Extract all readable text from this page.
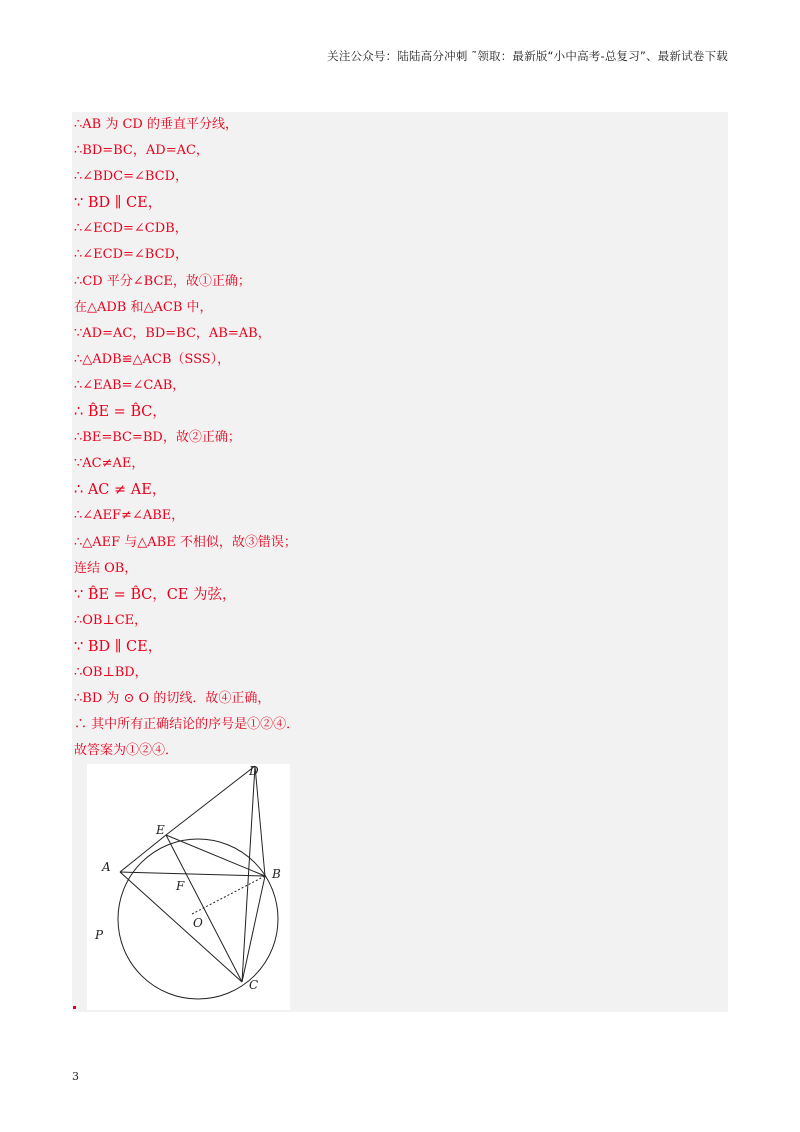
关注公众号：陆陆高分冲刺 ˜领取：最新版“小中高考-总复习”、最新试卷下载
∴AB 为 CD 的垂直平分线，
∴BD=BC，AD=AC，
∴∠BDC=∠BCD，
∵ BD ∥ CE，
∴∠ECD=∠CDB，
∴∠ECD=∠BCD，
∴CD 平分∠BCE，故①正确；
在△ADB 和△ACB 中，
∵AD=AC，BD=BC，AB=AB，
∴△ADB≌△ACB（SSS），
∴∠EAB=∠CAB，
∴ B̂E = B̂C，
∴BE=BC=BD，故②正确；
∵AC≠AE，
∴ AC ≠ AE，
∴∠AEF≠∠ABE，
∴△AEF 与△ABE 不相似，故③错误；
连结 OB，
∵ B̂E = B̂C，CE 为弦，
∴OB⊥CE，
∵ BD ∥ CE，
∴OB⊥BD，
∴BD 为 ⊙ O 的切线．故④正确，
∴ 其中所有正确结论的序号是①②④．
故答案为①②④．
D
E
A
F
B
O
P
C
3
